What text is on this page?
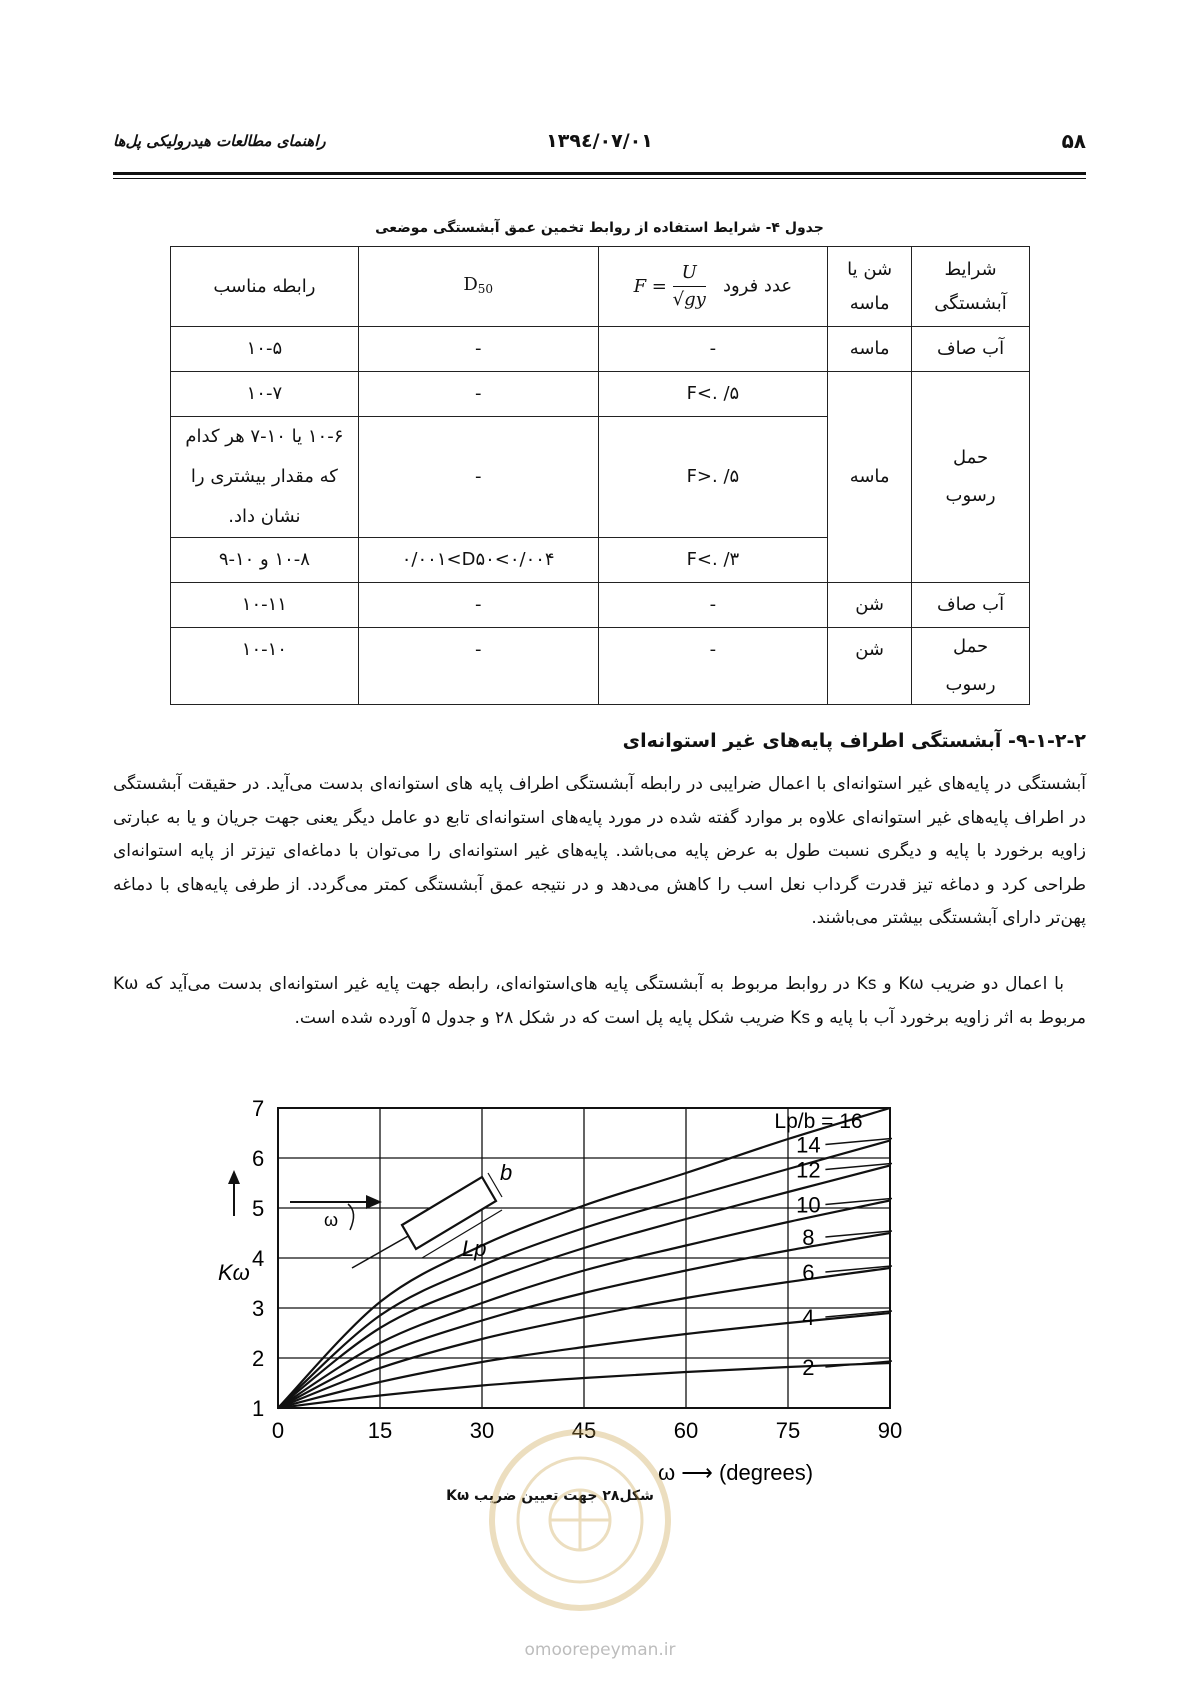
راهنمای مطالعات هیدرولیکی پل‌ها	۱۳۹٤/۰۷/۰۱	۵۸
جدول ۴- شرایط استفاده از روابط تخمین عمق آبشستگی موضعی
شرایط آبشستگی	شن یا ماسه	عدد فرود   $F = \frac{U}{√gy}$	$D_{50}$	رابطه مناسب
آب صاف	ماسه	-	-	۱۰-۵
حمل رسوب	ماسه	F<. /۵	-	۱۰-۷
		F>. /۵	-	۱۰-۶ یا ۱۰-۷ هر کدام که مقدار بیشتری را نشان داد.
		F<. /۳	۰/۰۰۱<D۵۰<۰/۰۰۴	۱۰-۸ و ۱۰-۹
آب صاف	شن	-	-	۱۰-۱۱
حمل رسوب	شن	-	-	۱۰-۱۰
۹-۱-۲-۲- آبشستگی اطراف پایه‌های غیر استوانه‌ای
آبشستگی در پایه‌های غیر استوانه‌ای با اعمال ضرایبی در رابطه آبشستگی اطراف پایه های استوانه‌ای بدست می‌آید. در حقیقت آبشستگی در اطراف پایه‌های غیر استوانه‌ای علاوه بر موارد گفته شده در مورد پایه‌های استوانه‌ای تابع دو عامل دیگر یعنی جهت جریان و یا به عبارتی زاویه برخورد با پایه و دیگری نسبت طول به عرض پایه می‌باشد. پایه‌های غیر استوانه‌ای را می‌توان با دماغه‌ای تیزتر از پایه استوانه‌ای طراحی کرد و دماغه تیز قدرت گرداب نعل اسب را کاهش می‌دهد و در نتیجه عمق آبشستگی کمتر می‌گردد. از طرفی پایه‌های با دماغه پهن‌تر دارای آبشستگی بیشتر می‌باشند.
با اعمال دو ضریب Kω و Ks در روابط مربوط به آبشستگی پایه های‌استوانه‌ای، رابطه جهت پایه غیر استوانه‌ای بدست می‌آید که Kω مربوط به اثر زاویه برخورد آب با پایه و Ks ضریب شکل پایه پل است که در شکل ۲۸ و جدول ۵ آورده شده است.
1
2
3
4
5
6
7
0	15	30	45	60	75	90
Lp/b = 16
14
12
10
8
6
4
2
Kω
ω ⟶ (degrees)
ω
b
Lp
شکل۲۸ جهت تعیین ضریب Kω
omoorepeyman.ir
